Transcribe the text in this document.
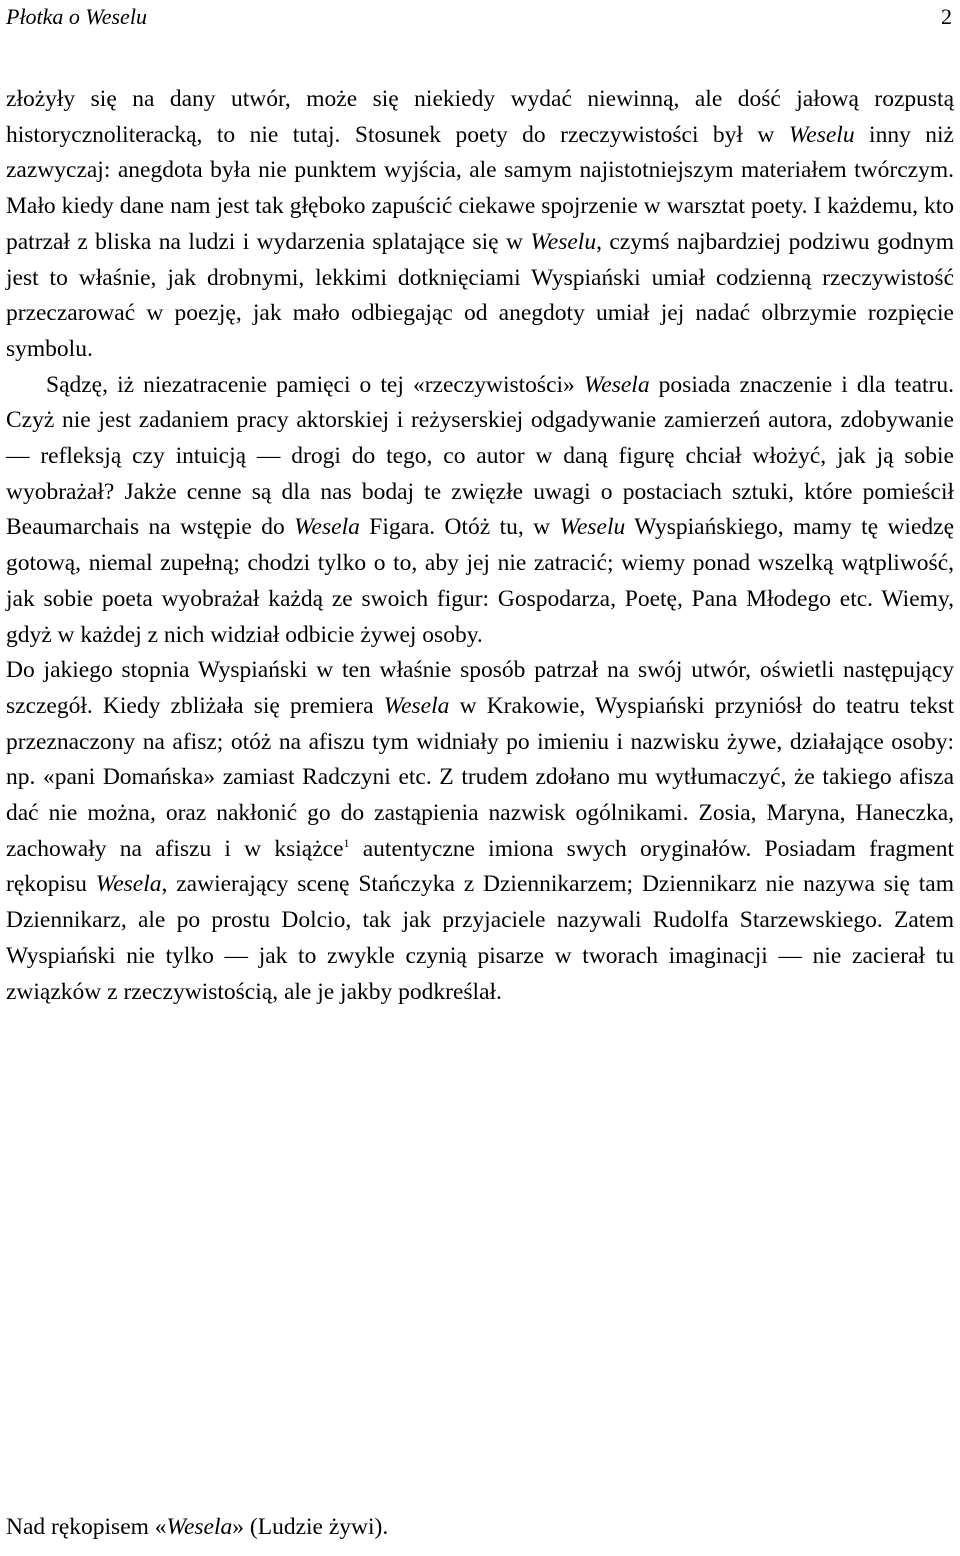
Płotka o Weselu	2

złożyły się na dany utwór, może się niekiedy wydać niewinną, ale dość jałową rozpustą historycznoliteracką, to nie tutaj. Stosunek poety do rzeczywistości był w Weselu inny niż zazwyczaj: anegdota była nie punktem wyjścia, ale samym najistotniejszym materiałem twórczym. Mało kiedy dane nam jest tak głęboko zapuścić ciekawe spojrzenie w warsztat poety. I każdemu, kto patrzał z bliska na ludzi i wydarzenia splatające się w Weselu, czymś najbardziej podziwu godnym jest to właśnie, jak drobnymi, lekkimi dotknięciami Wyspiański umiał codzienną rzeczywistość przeczarować w poezję, jak mało odbiegając od anegdoty umiał jej nadać olbrzymie rozpięcie symbolu.

Sądzę, iż niezatracenie pamięci o tej «rzeczywistości» Wesela posiada znaczenie i dla teatru. Czyż nie jest zadaniem pracy aktorskiej i reżyserskiej odgadywanie zamierzeń autora, zdobywanie — refleksją czy intuicją — drogi do tego, co autor w daną figurę chciał włożyć, jak ją sobie wyobrażał? Jakże cenne są dla nas bodaj te zwięzłe uwagi o postaciach sztuki, które pomieścił Beaumarchais na wstępie do Wesela Figara. Otóż tu, w Weselu Wyspiańskiego, mamy tę wiedzę gotową, niemal zupełną; chodzi tylko o to, aby jej nie zatracić; wiemy ponad wszelką wątpliwość, jak sobie poeta wyobrażał każdą ze swoich figur: Gospodarza, Poetę, Pana Młodego etc. Wiemy, gdyż w każdej z nich widział odbicie żywej osoby.

Do jakiego stopnia Wyspiański w ten właśnie sposób patrzał na swój utwór, oświetli następujący szczegół. Kiedy zbliżała się premiera Wesela w Krakowie, Wyspiański przyniósł do teatru tekst przeznaczony na afisz; otóż na afiszu tym widniały po imieniu i nazwisku żywe, działające osoby: np. «pani Domańska» zamiast Radczyni etc. Z trudem zdołano mu wytłumaczyć, że takiego afisza dać nie można, oraz nakłonić go do zastąpienia nazwisk ogólnikami. Zosia, Maryna, Haneczka, zachowały na afiszu i w książce$^1$ autentyczne imiona swych oryginałów. Posiadam fragment rękopisu Wesela, zawierający scenę Stańczyka z Dziennikarzem; Dziennikarz nie nazywa się tam Dziennikarz, ale po prostu Dolcio, tak jak przyjaciele nazywali Rudolfa Starzewskiego. Zatem Wyspiański nie tylko — jak to zwykle czynią pisarze w tworach imaginacji — nie zacierał tu związków z rzeczywistością, ale je jakby podkreślał.

Nad rękopisem «Wesela» (Ludzie żywi).
